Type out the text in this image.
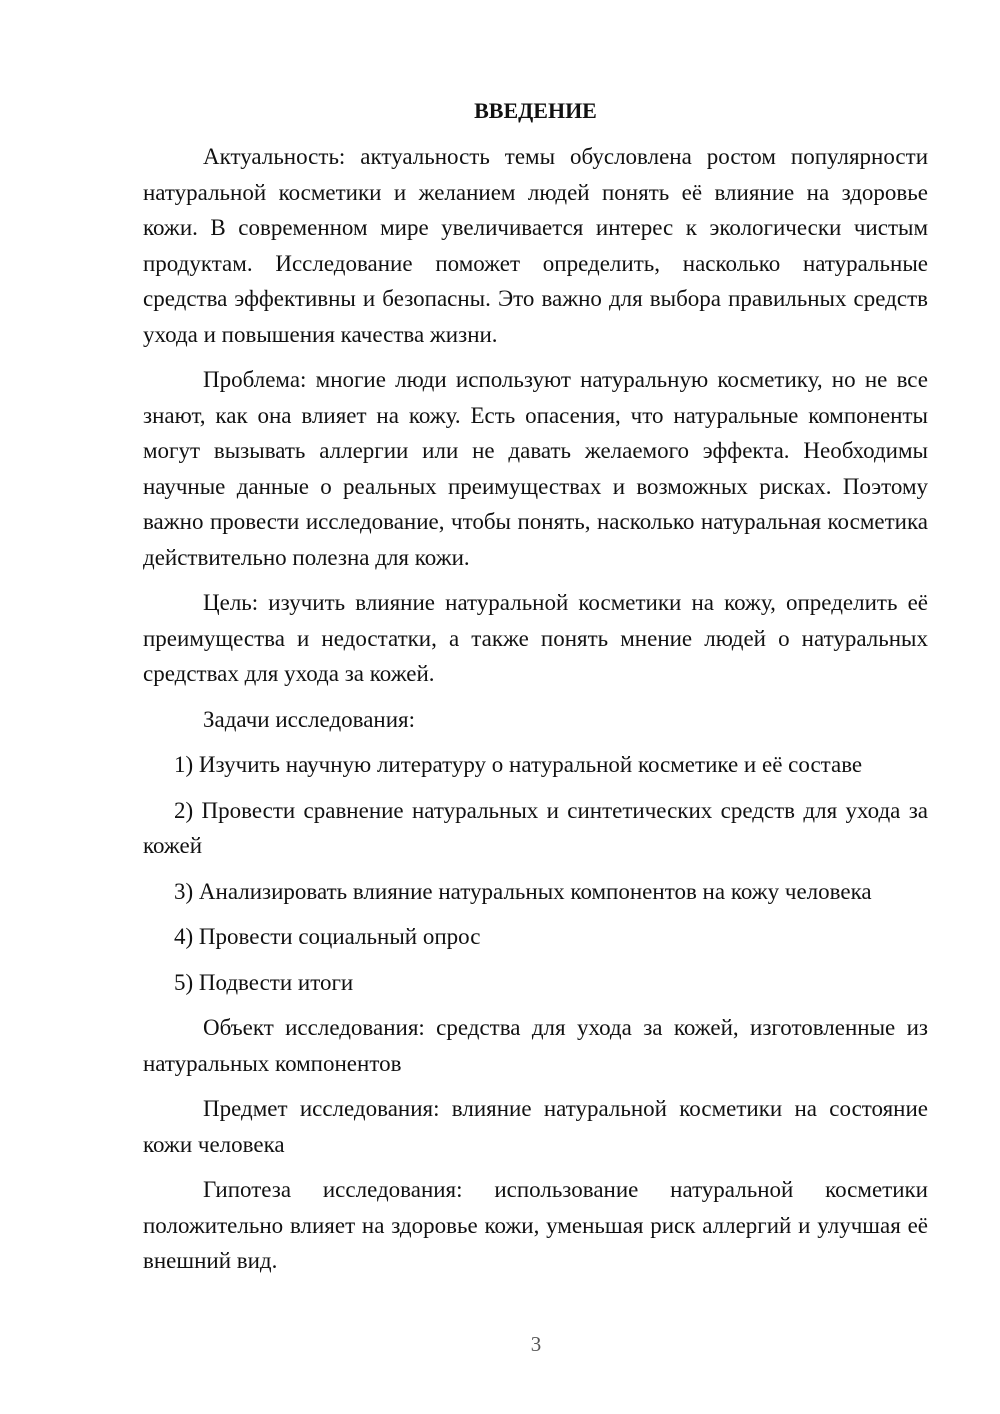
ВВЕДЕНИЕ

Актуальность: актуальность темы обусловлена ростом популярности натуральной косметики и желанием людей понять её влияние на здоровье кожи. В современном мире увеличивается интерес к экологически чистым продуктам. Исследование поможет определить, насколько натуральные средства эффективны и безопасны. Это важно для выбора правильных средств ухода и повышения качества жизни.

Проблема: многие люди используют натуральную косметику, но не все знают, как она влияет на кожу. Есть опасения, что натуральные компоненты могут вызывать аллергии или не давать желаемого эффекта. Необходимы научные данные о реальных преимуществах и возможных рисках. Поэтому важно провести исследование, чтобы понять, насколько натуральная косметика действительно полезна для кожи.

Цель: изучить влияние натуральной косметики на кожу, определить её преимущества и недостатки, а также понять мнение людей о натуральных средствах для ухода за кожей.

Задачи исследования:

1) Изучить научную литературу о натуральной косметике и её составе

2) Провести сравнение натуральных и синтетических средств для ухода за кожей

3) Анализировать влияние натуральных компонентов на кожу человека

4) Провести социальный опрос

5) Подвести итоги

Объект исследования: средства для ухода за кожей, изготовленные из натуральных компонентов

Предмет исследования: влияние натуральной косметики на состояние кожи человека

Гипотеза исследования: использование натуральной косметики положительно влияет на здоровье кожи, уменьшая риск аллергий и улучшая её внешний вид.

3
